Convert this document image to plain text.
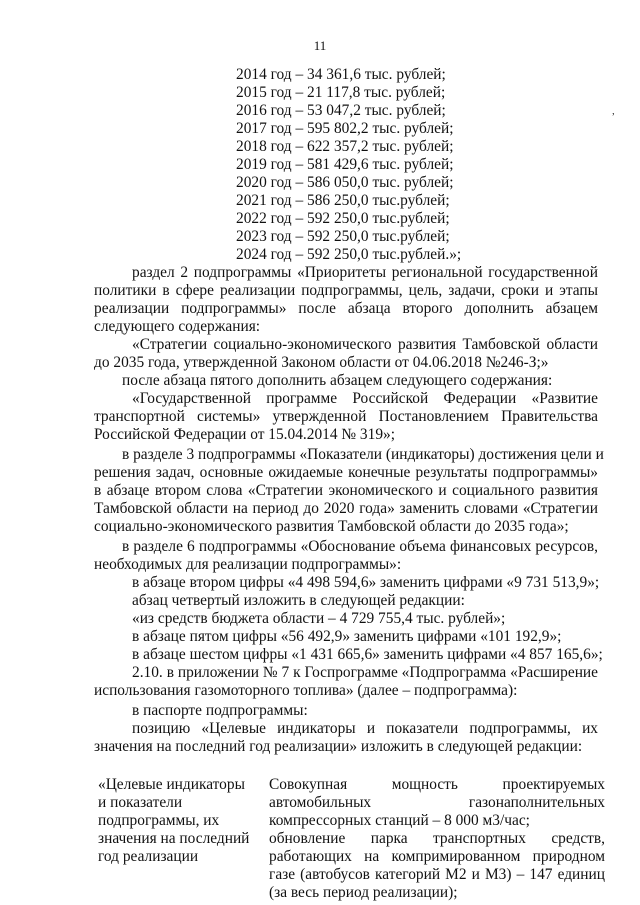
11
,
2014 год – 34 361,6 тыс. рублей;
2015 год – 21 117,8 тыс. рублей;
2016 год – 53 047,2 тыс. рублей;
2017 год – 595 802,2 тыс. рублей;
2018 год – 622 357,2 тыс. рублей;
2019 год – 581 429,6 тыс. рублей;
2020 год – 586 050,0 тыс. рублей;
2021 год – 586 250,0 тыс.рублей;
2022 год – 592 250,0 тыс.рублей;
2023 год – 592 250,0 тыс.рублей;
2024 год – 592 250,0 тыс.рублей.»;
раздел 2 подпрограммы «Приоритеты региональной государственной
политики в сфере реализации подпрограммы, цель, задачи, сроки и этапы
реализации подпрограммы» после абзаца второго дополнить абзацем
следующего содержания:
«Стратегии социально-экономического развития Тамбовской области
до 2035 года, утвержденной Законом области от 04.06.2018 №246-З;»
после абзаца пятого дополнить абзацем следующего содержания:
«Государственной программе Российской Федерации «Развитие
транспортной системы» утвержденной Постановлением Правительства
Российской Федерации от 15.04.2014 № 319»;
в разделе 3 подпрограммы «Показатели (индикаторы) достижения цели и
решения задач, основные ожидаемые конечные результаты подпрограммы»
в абзаце втором слова «Стратегии экономического и социального развития
Тамбовской области на период до 2020 года» заменить словами «Стратегии
социально-экономического развития Тамбовской области до 2035 года»;
в разделе 6 подпрограммы «Обоснование объема финансовых ресурсов,
необходимых для реализации подпрограммы»:
в абзаце втором цифры «4 498 594,6» заменить цифрами «9 731 513,9»;
абзац четвертый изложить в следующей редакции:
«из средств бюджета области – 4 729 755,4 тыс. рублей»;
в абзаце пятом цифры «56 492,9» заменить цифрами «101 192,9»;
в абзаце шестом цифры «1 431 665,6» заменить цифрами «4 857 165,6»;
2.10. в приложении № 7 к Госпрограмме «Подпрограмма «Расширение
использования газомоторного топлива» (далее – подпрограмма):
в паспорте подпрограммы:
позицию «Целевые индикаторы и показатели подпрограммы, их
значения на последний год реализации» изложить в следующей редакции:
«Целевые индикаторы
и показатели
подпрограммы, их
значения на последний
год реализации
Совокупная мощность проектируемых
автомобильных газонаполнительных
компрессорных станций – 8 000 м3/час;
обновление парка транспортных средств,
работающих на компримированном природном
газе (автобусов категорий М2 и М3) – 147 единиц
(за весь период реализации);
